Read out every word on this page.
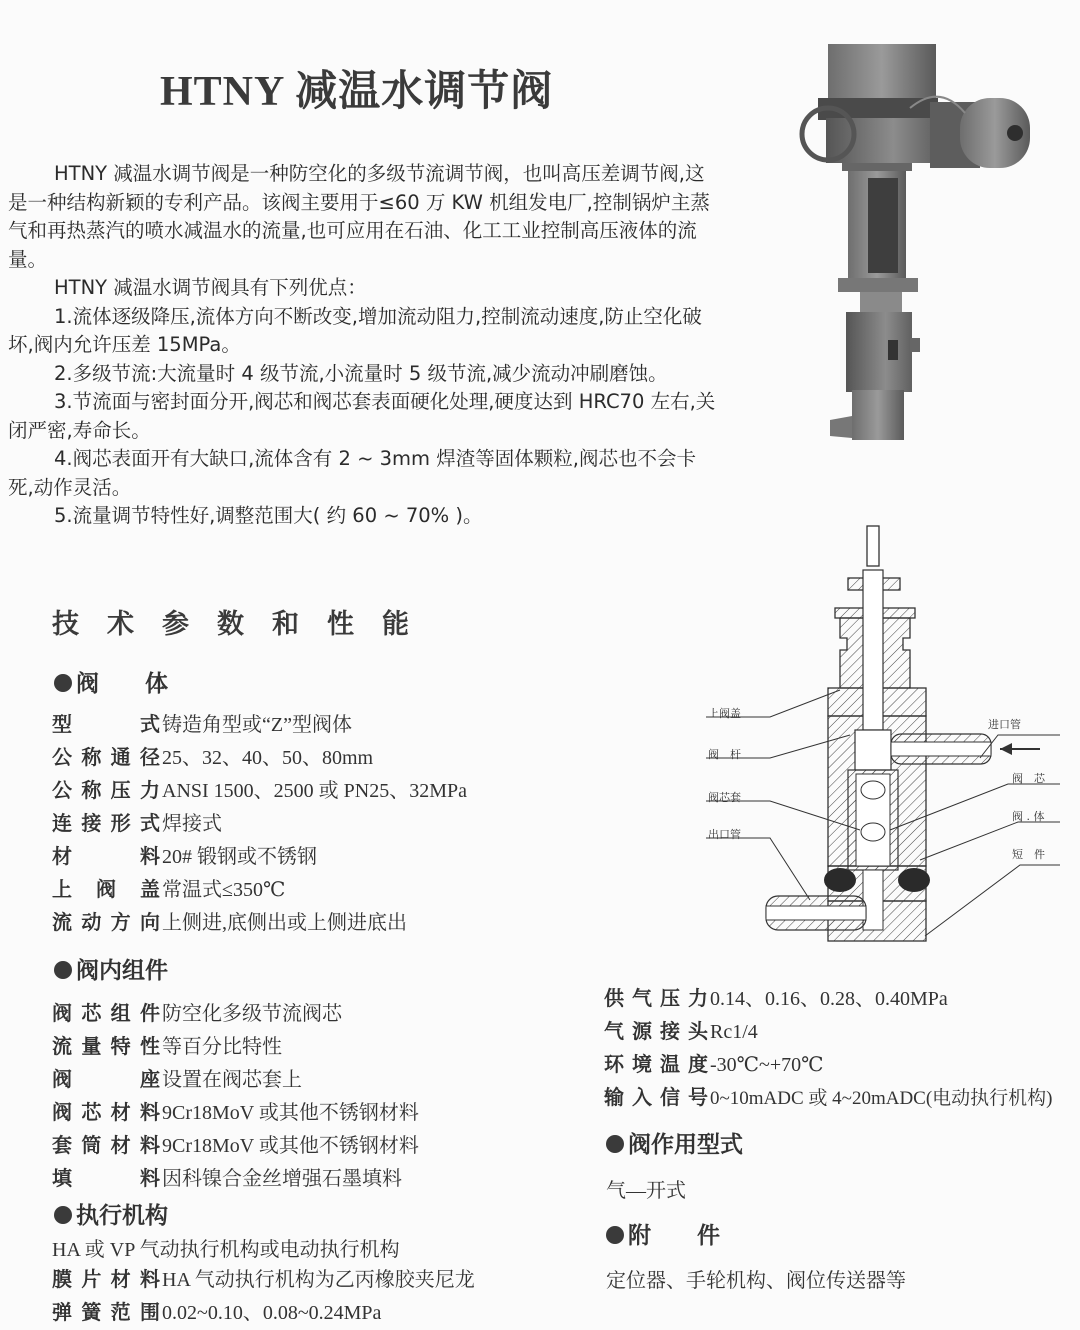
HTNY 减温水调节阀

HTNY 减温水调节阀是一种防空化的多级节流调节阀，也叫高压差调节阀,这是一种结构新颖的专利产品。该阀主要用于≤60 万 KW 机组发电厂,控制锅炉主蒸气和再热蒸汽的喷水减温水的流量,也可应用在石油、化工工业控制高压液体的流量。

HTNY 减温水调节阀具有下列优点：

1.流体逐级降压,流体方向不断改变,增加流动阻力,控制流动速度,防止空化破坏,阀内允许压差 15MPa。

2.多级节流:大流量时 4 级节流,小流量时 5 级节流,减少流动冲刷磨蚀。

3.节流面与密封面分开,阀芯和阀芯套表面硬化处理,硬度达到 HRC70 左右,关闭严密,寿命长。

4.阀芯表面开有大缺口,流体含有 2 ~ 3mm 焊渣等固体颗粒,阀芯也不会卡死,动作灵活。

5.流量调节特性好,调整范围大( 约 60 ~ 70% )。

技术参数和性能
阀　　体
型式 铸造角型或“Z”型阀体
公称通径 25、32、40、50、80mm
公称压力 ANSI 1500、2500 或 PN25、32MPa
连接形式 焊接式
材料 20# 锻钢或不锈钢
上阀盖 常温式≤350℃
流动方向 上侧进,底侧出或上侧进底出
阀内组件
阀芯组件 防空化多级节流阀芯
流量特性 等百分比特性
阀座 设置在阀芯套上
阀芯材料 9Cr18MoV 或其他不锈钢材料
套筒材料 9Cr18MoV 或其他不锈钢材料
填料 因科镍合金丝增强石墨填料
执行机构
HA 或 VP 气动执行机构或电动执行机构
膜片材料 HA 气动执行机构为乙丙橡胶夹尼龙
弹簧范围 0.02~0.10、0.08~0.24MPa
供气压力 0.14、0.16、0.28、0.40MPa
气源接头 Rc1/4
环境温度 -30℃~+70℃
输入信号 0~10mADC 或 4~20mADC(电动执行机构)
阀作用型式
气—开式
附　　件
定位器、手轮机构、阀位传送器等
上阀盖
阀　杆
阀芯套
出口管
进口管
阀　芯
阀 . 体
短　件
